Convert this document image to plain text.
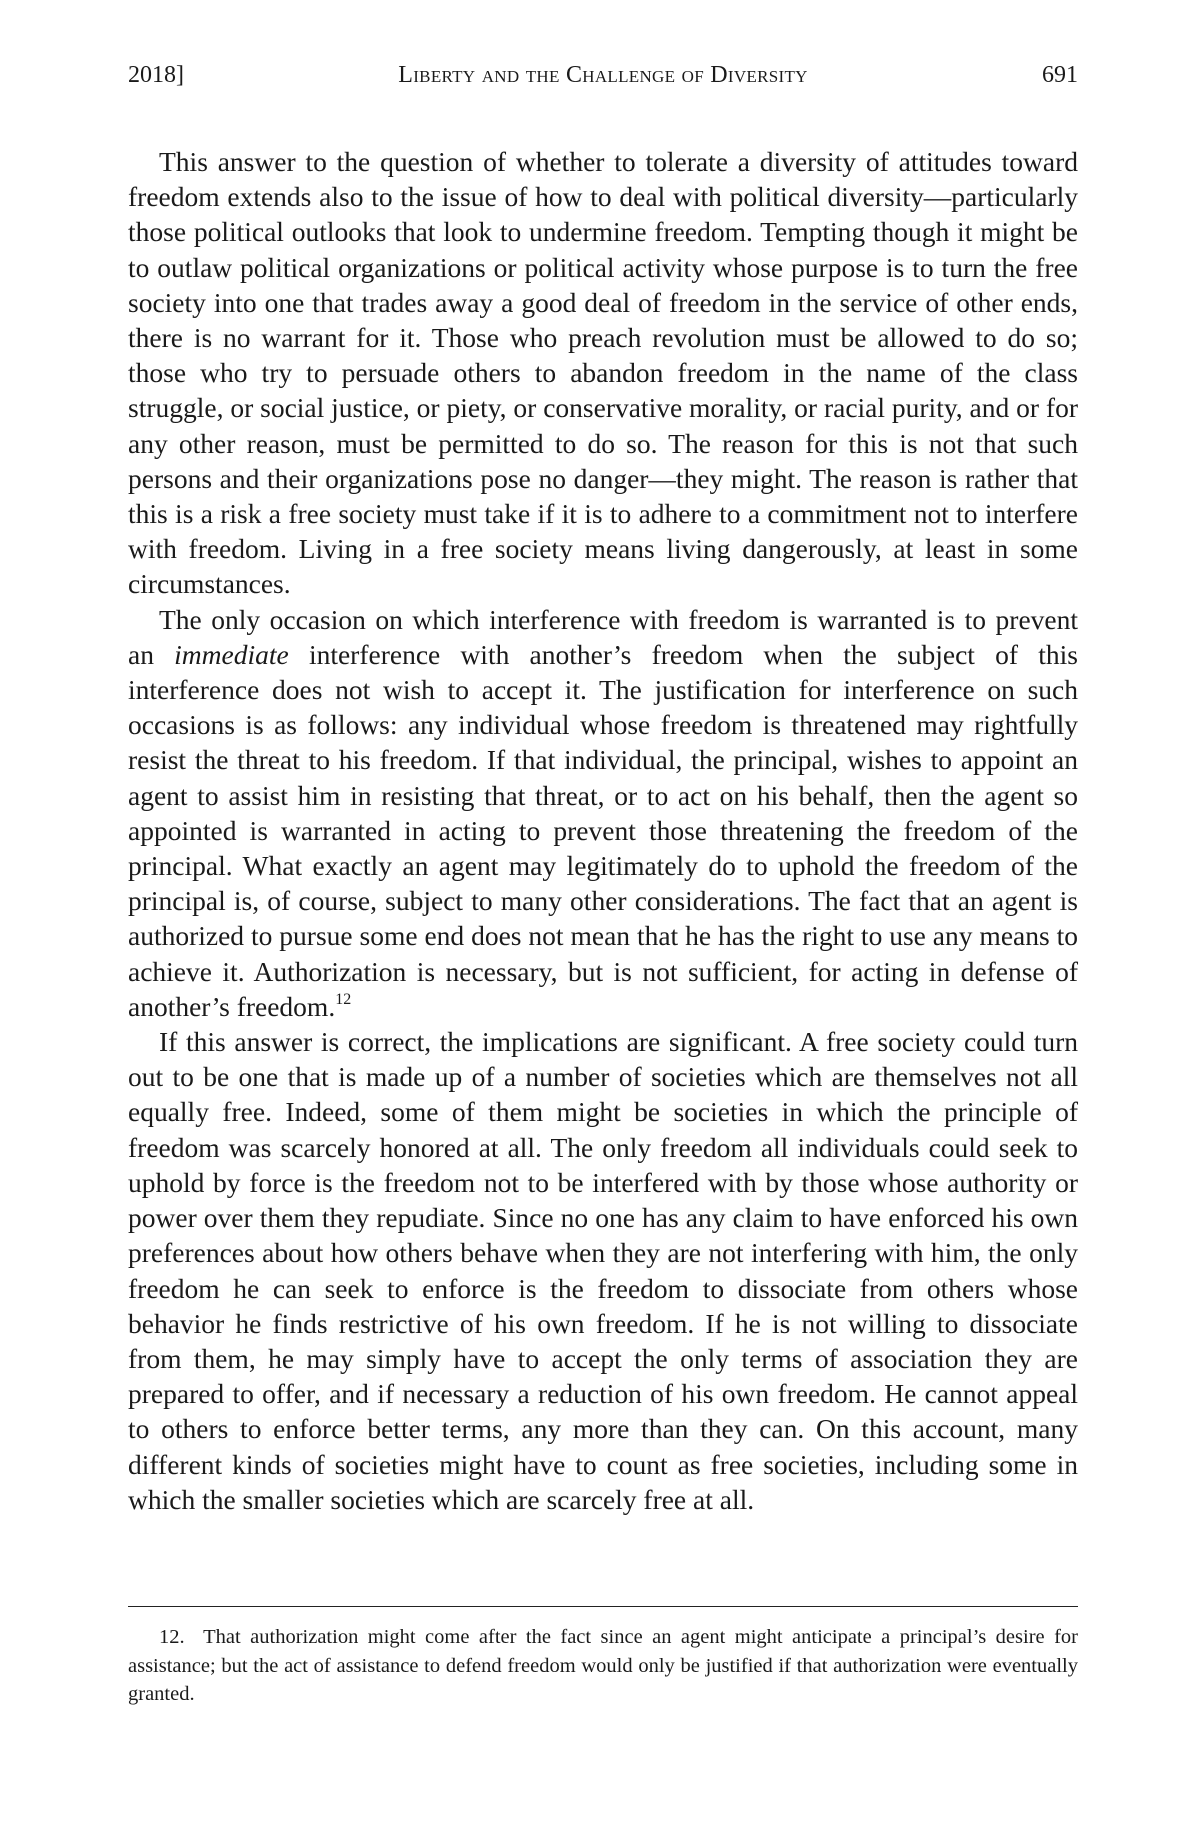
2018]	Liberty and the Challenge of Diversity	691

This answer to the question of whether to tolerate a diversity of attitudes toward freedom extends also to the issue of how to deal with political diversity—particularly those political outlooks that look to undermine freedom. Tempting though it might be to outlaw political organizations or political activity whose purpose is to turn the free society into one that trades away a good deal of freedom in the service of other ends, there is no warrant for it. Those who preach revolution must be allowed to do so; those who try to persuade others to abandon freedom in the name of the class struggle, or social justice, or piety, or conservative morality, or racial purity, and or for any other reason, must be permitted to do so. The reason for this is not that such persons and their organizations pose no danger—they might. The reason is rather that this is a risk a free society must take if it is to adhere to a commitment not to interfere with freedom. Living in a free society means living dangerously, at least in some circumstances.

The only occasion on which interference with freedom is warranted is to prevent an immediate interference with another’s freedom when the subject of this interference does not wish to accept it. The justification for interference on such occasions is as follows: any individual whose freedom is threatened may rightfully resist the threat to his freedom. If that individual, the principal, wishes to appoint an agent to assist him in resisting that threat, or to act on his behalf, then the agent so appointed is warranted in acting to prevent those threatening the freedom of the principal. What exactly an agent may legitimately do to uphold the freedom of the principal is, of course, subject to many other considerations. The fact that an agent is authorized to pursue some end does not mean that he has the right to use any means to achieve it. Authorization is necessary, but is not sufficient, for acting in defense of another’s freedom.$^{12}$

If this answer is correct, the implications are significant. A free society could turn out to be one that is made up of a number of societies which are themselves not all equally free. Indeed, some of them might be societies in which the principle of freedom was scarcely honored at all. The only freedom all individuals could seek to uphold by force is the freedom not to be interfered with by those whose authority or power over them they repudiate. Since no one has any claim to have enforced his own preferences about how others behave when they are not interfering with him, the only freedom he can seek to enforce is the freedom to dissociate from others whose behavior he finds restrictive of his own freedom. If he is not willing to dissociate from them, he may simply have to accept the only terms of association they are prepared to offer, and if necessary a reduction of his own freedom. He cannot appeal to others to enforce better terms, any more than they can. On this account, many different kinds of societies might have to count as free societies, including some in which the smaller societies which are scarcely free at all.

12. That authorization might come after the fact since an agent might anticipate a principal’s desire for assistance; but the act of assistance to defend freedom would only be justified if that authorization were eventually granted.
